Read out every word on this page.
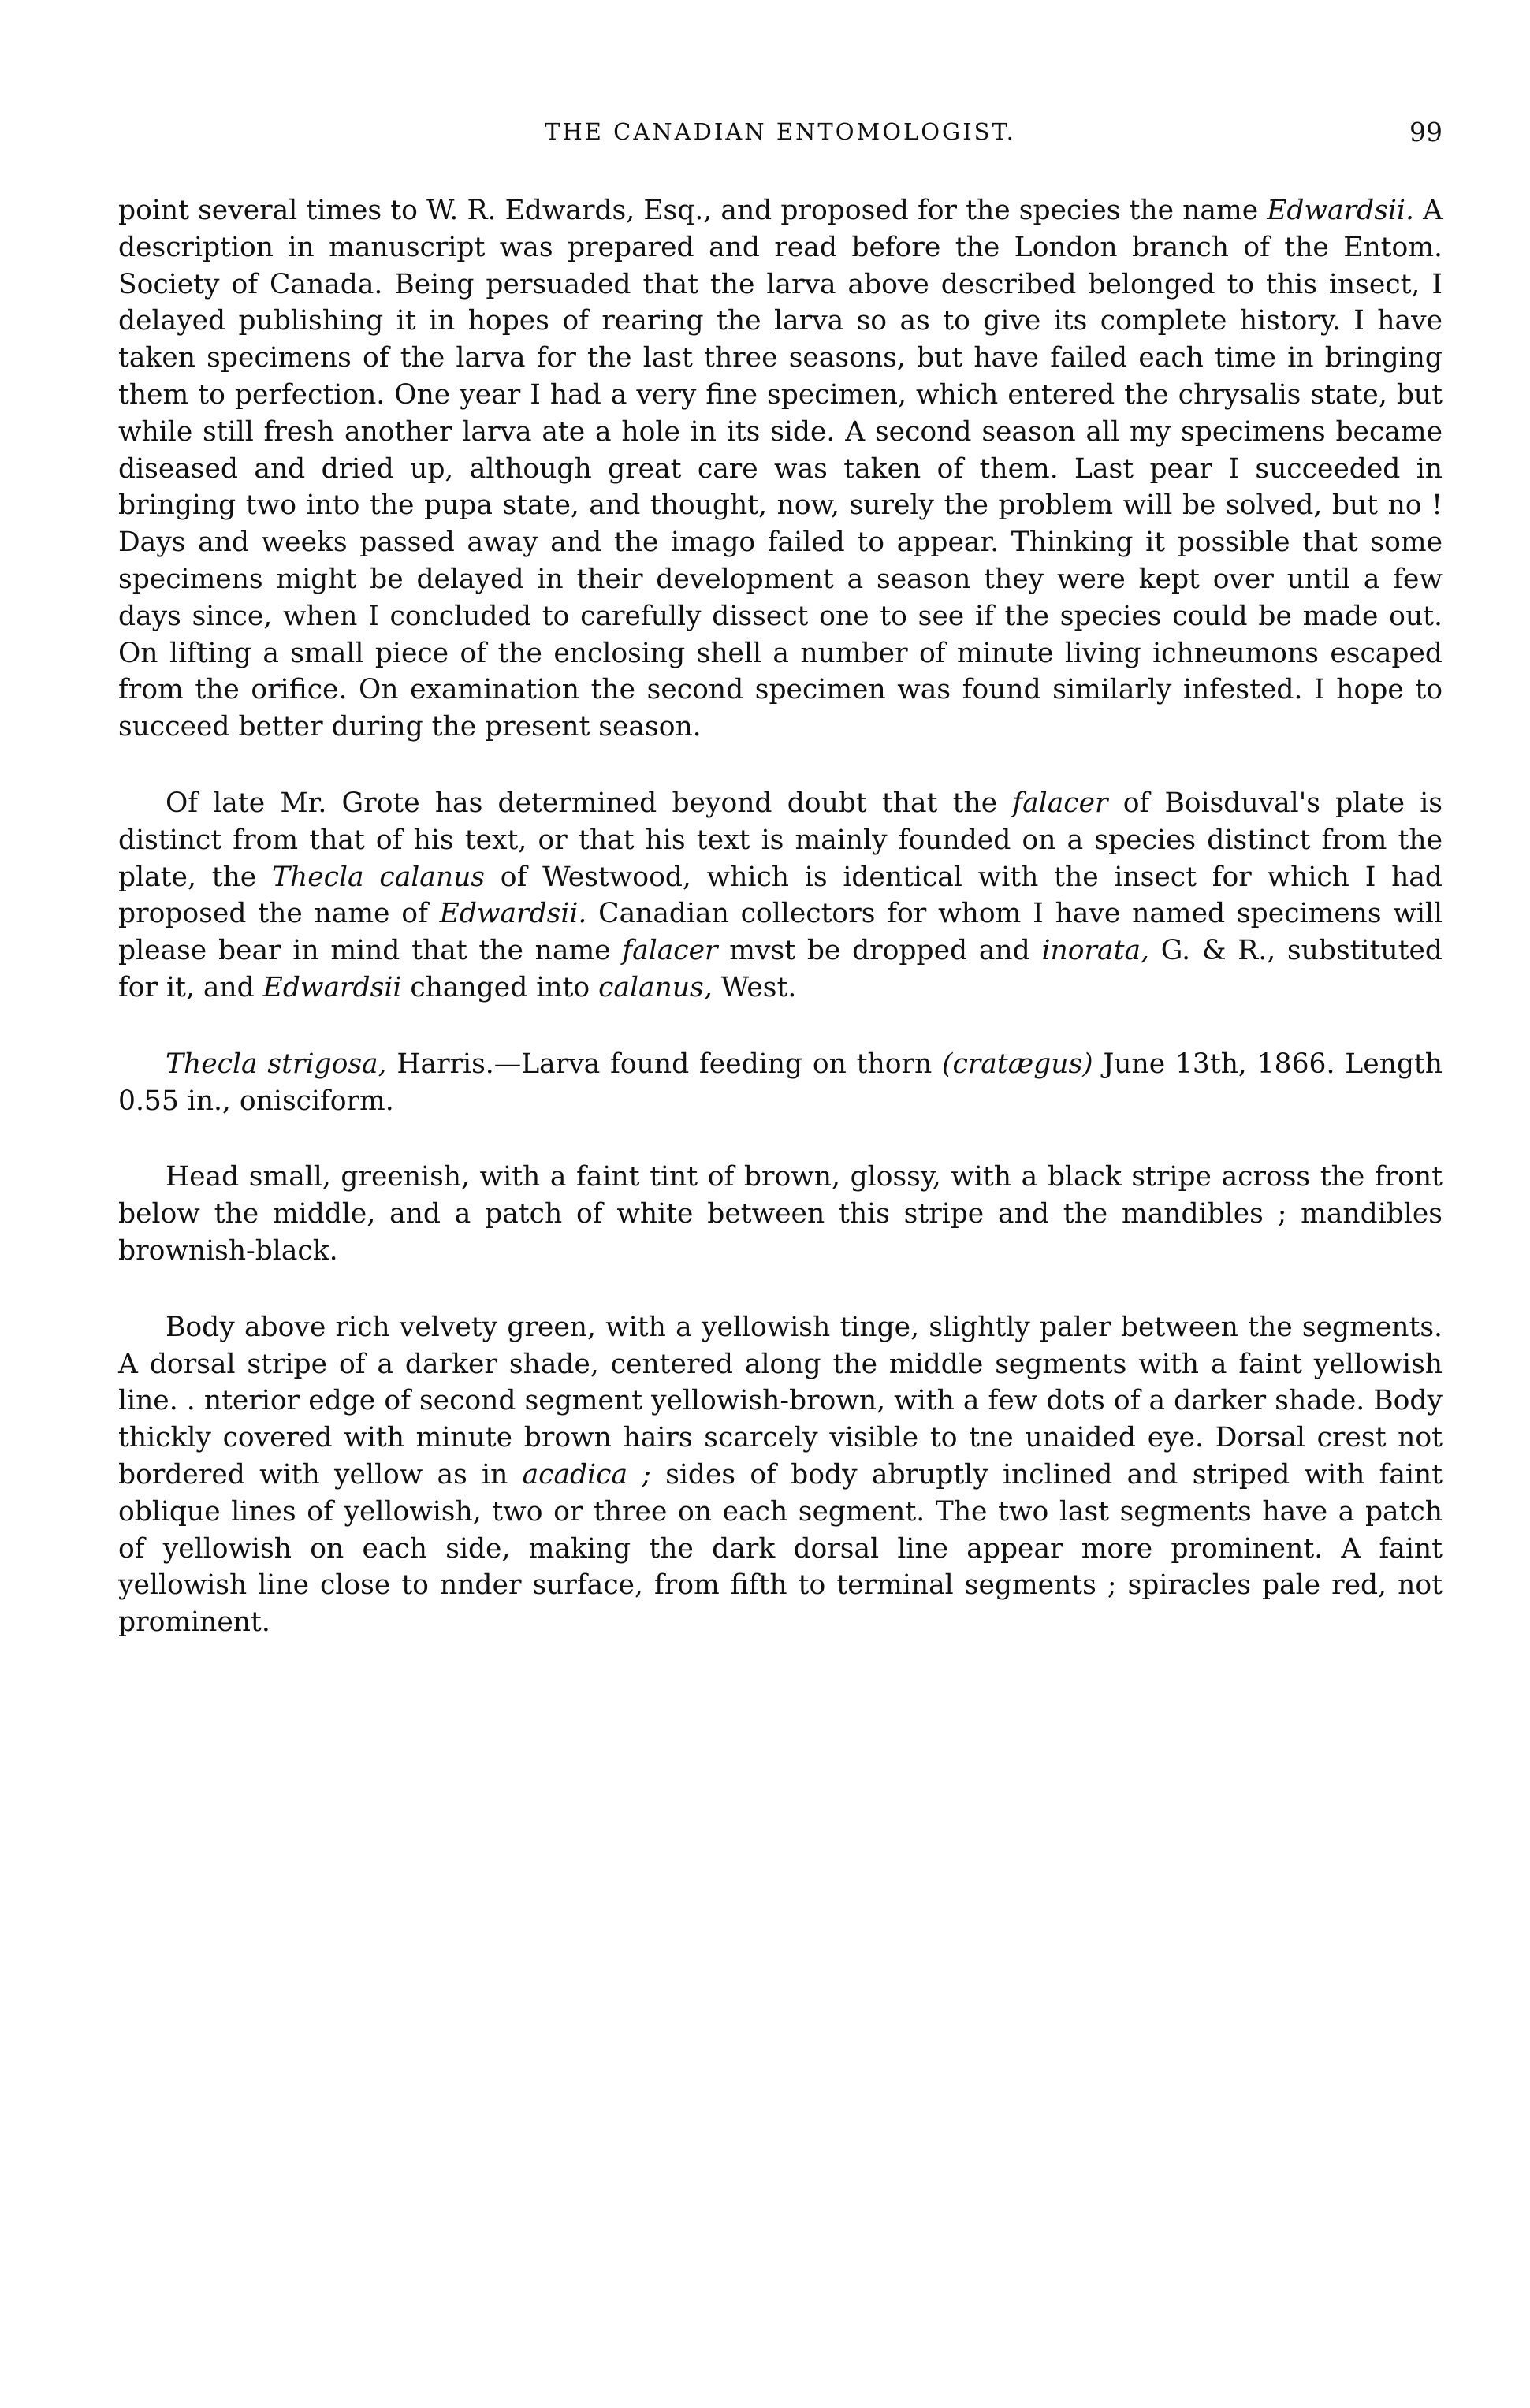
THE CANADIAN ENTOMOLOGIST.	99

point several times to W. R. Edwards, Esq., and proposed for the species the name Edwardsii. A description in manuscript was prepared and read before the London branch of the Entom. Society of Canada. Being persuaded that the larva above described belonged to this insect, I delayed publishing it in hopes of rearing the larva so as to give its complete history. I have taken specimens of the larva for the last three seasons, but have failed each time in bringing them to perfection. One year I had a very fine specimen, which entered the chrysalis state, but while still fresh another larva ate a hole in its side. A second season all my specimens became diseased and dried up, although great care was taken of them. Last pear I succeeded in bringing two into the pupa state, and thought, now, surely the problem will be solved, but no ! Days and weeks passed away and the imago failed to appear. Thinking it possible that some specimens might be delayed in their development a season they were kept over until a few days since, when I concluded to carefully dissect one to see if the species could be made out. On lifting a small piece of the enclosing shell a number of minute living ichneumons escaped from the orifice. On examination the second specimen was found similarly infested. I hope to succeed better during the present season.

Of late Mr. Grote has determined beyond doubt that the falacer of Boisduval's plate is distinct from that of his text, or that his text is mainly founded on a species distinct from the plate, the Thecla calanus of Westwood, which is identical with the insect for which I had proposed the name of Edwardsii. Canadian collectors for whom I have named specimens will please bear in mind that the name falacer mvst be dropped and inorata, G. & R., substituted for it, and Edwardsii changed into calanus, West.

Thecla strigosa, Harris.—Larva found feeding on thorn (cratægus) June 13th, 1866. Length 0.55 in., onisciform.

Head small, greenish, with a faint tint of brown, glossy, with a black stripe across the front below the middle, and a patch of white between this stripe and the mandibles ; mandibles brownish-black.

Body above rich velvety green, with a yellowish tinge, slightly paler between the segments. A dorsal stripe of a darker shade, centered along the middle segments with a faint yellowish line. . nterior edge of second segment yellowish-brown, with a few dots of a darker shade. Body thickly covered with minute brown hairs scarcely visible to tne unaided eye. Dorsal crest not bordered with yellow as in acadica ; sides of body abruptly inclined and striped with faint oblique lines of yellowish, two or three on each segment. The two last segments have a patch of yellowish on each side, making the dark dorsal line appear more prominent. A faint yellowish line close to nnder surface, from fifth to terminal segments ; spiracles pale red, not prominent.
